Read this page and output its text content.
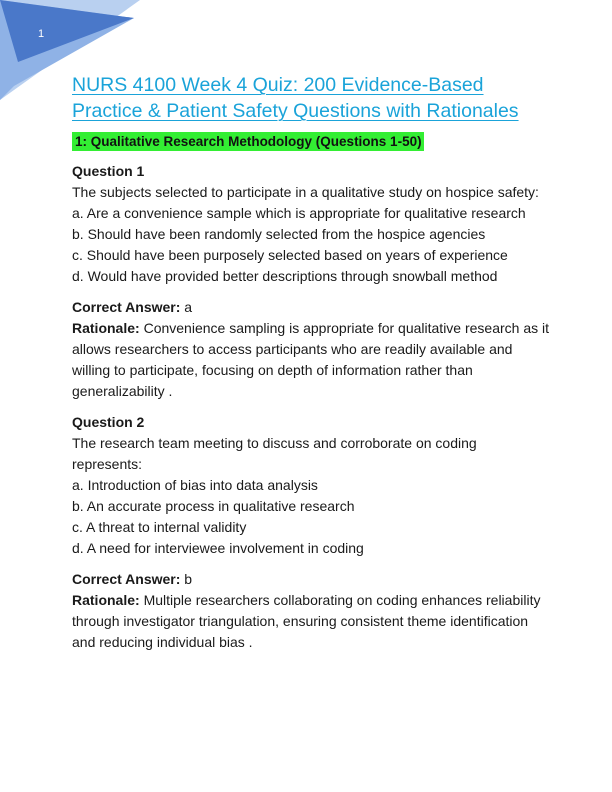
1
NURS 4100 Week 4 Quiz: 200 Evidence-Based Practice & Patient Safety Questions with Rationales
1: Qualitative Research Methodology (Questions 1-50)
Question 1

The subjects selected to participate in a qualitative study on hospice safety:

a. Are a convenience sample which is appropriate for qualitative research

b. Should have been randomly selected from the hospice agencies

c. Should have been purposely selected based on years of experience

d. Would have provided better descriptions through snowball method

Correct Answer: a

Rationale: Convenience sampling is appropriate for qualitative research as it allows researchers to access participants who are readily available and willing to participate, focusing on depth of information rather than generalizability .

Question 2

The research team meeting to discuss and corroborate on coding represents:

a. Introduction of bias into data analysis

b. An accurate process in qualitative research

c. A threat to internal validity

d. A need for interviewee involvement in coding

Correct Answer: b

Rationale: Multiple researchers collaborating on coding enhances reliability through investigator triangulation, ensuring consistent theme identification and reducing individual bias .
